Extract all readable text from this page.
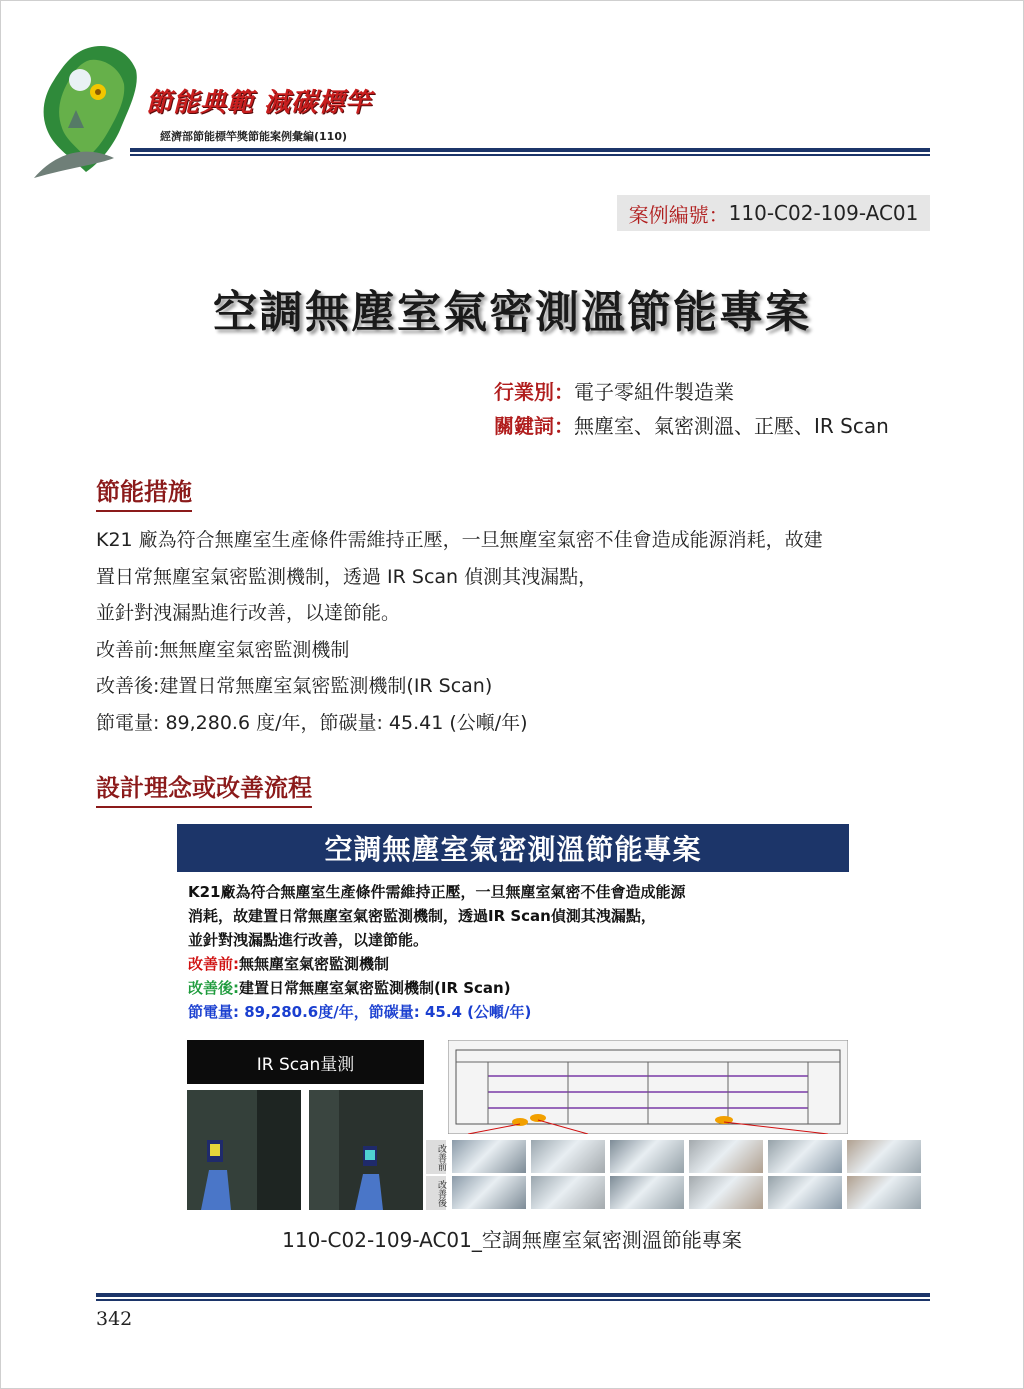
節能典範 減碳標竿
經濟部節能標竿獎節能案例彙編(110)
案例編號： 110-C02-109-AC01
空調無塵室氣密測溫節能專案
行業別：電子零組件製造業
關鍵詞：無塵室、氣密測溫、正壓、IR Scan
節能措施

K21 廠為符合無塵室生產條件需維持正壓，一旦無塵室氣密不佳會造成能源消耗，故建

置日常無塵室氣密監測機制，透過 IR Scan 偵測其洩漏點，

並針對洩漏點進行改善，以達節能。

改善前:無無塵室氣密監測機制

改善後:建置日常無塵室氣密監測機制(IR Scan)

節電量: 89,280.6 度/年，節碳量: 45.41 (公噸/年)

設計理念或改善流程
空調無塵室氣密測溫節能專案

K21廠為符合無塵室生產條件需維持正壓，一旦無塵室氣密不佳會造成能源

消耗，故建置日常無塵室氣密監測機制，透過IR Scan偵測其洩漏點，

並針對洩漏點進行改善，以達節能。

改善前:無無塵室氣密監測機制

改善後:建置日常無塵室氣密監測機制(IR Scan)

節電量: 89,280.6度/年，節碳量: 45.4 (公噸/年)

IR Scan量測
改善前
改善後
110-C02-109-AC01_空調無塵室氣密測溫節能專案
342
